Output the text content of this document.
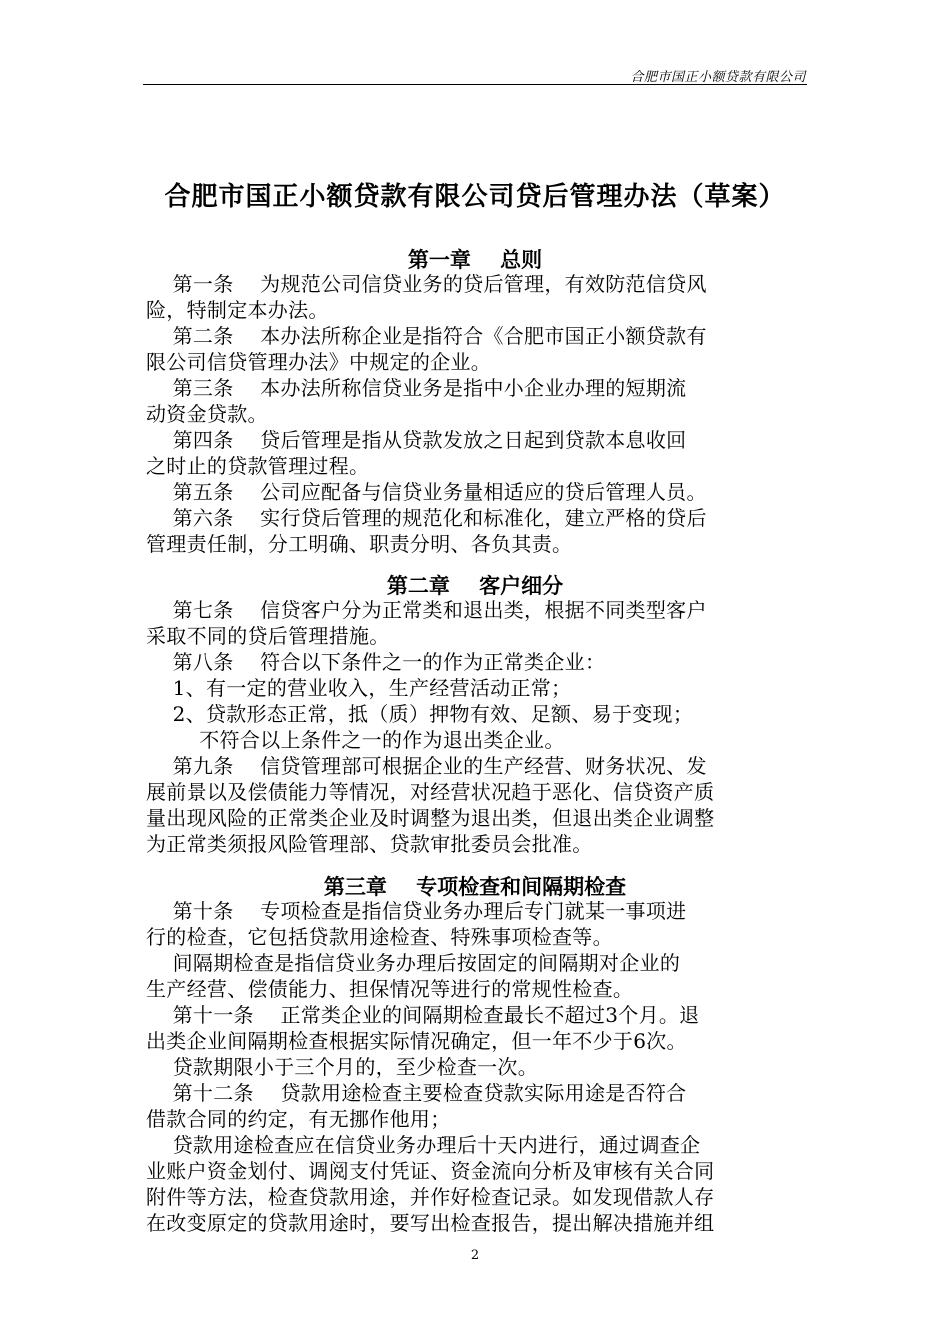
合肥市国正小额贷款有限公司
合肥市国正小额贷款有限公司贷后管理办法（草案）
第一章    总则
第一条    为规范公司信贷业务的贷后管理，有效防范信贷风
险，特制定本办法。
第二条    本办法所称企业是指符合《合肥市国正小额贷款有
限公司信贷管理办法》中规定的企业。
第三条    本办法所称信贷业务是指中小企业办理的短期流
动资金贷款。
第四条    贷后管理是指从贷款发放之日起到贷款本息收回
之时止的贷款管理过程。
第五条    公司应配备与信贷业务量相适应的贷后管理人员。
第六条    实行贷后管理的规范化和标准化，建立严格的贷后
管理责任制，分工明确、职责分明、各负其责。
第二章    客户细分
第七条    信贷客户分为正常类和退出类，根据不同类型客户
采取不同的贷后管理措施。
第八条    符合以下条件之一的作为正常类企业：
1、有一定的营业收入，生产经营活动正常；
2、贷款形态正常，抵（质）押物有效、足额、易于变现；
不符合以上条件之一的作为退出类企业。
第九条    信贷管理部可根据企业的生产经营、财务状况、发
展前景以及偿债能力等情况，对经营状况趋于恶化、信贷资产质
量出现风险的正常类企业及时调整为退出类，但退出类企业调整
为正常类须报风险管理部、贷款审批委员会批准。
第三章    专项检查和间隔期检查
第十条    专项检查是指信贷业务办理后专门就某一事项进
行的检查，它包括贷款用途检查、特殊事项检查等。
间隔期检查是指信贷业务办理后按固定的间隔期对企业的
生产经营、偿债能力、担保情况等进行的常规性检查。
第十一条    正常类企业的间隔期检查最长不超过3个月。退
出类企业间隔期检查根据实际情况确定，但一年不少于6次。
贷款期限小于三个月的，至少检查一次。
第十二条    贷款用途检查主要检查贷款实际用途是否符合
借款合同的约定，有无挪作他用；
贷款用途检查应在信贷业务办理后十天内进行，通过调查企
业账户资金划付、调阅支付凭证、资金流向分析及审核有关合同
附件等方法，检查贷款用途，并作好检查记录。如发现借款人存
在改变原定的贷款用途时，要写出检查报告，提出解决措施并组
2
